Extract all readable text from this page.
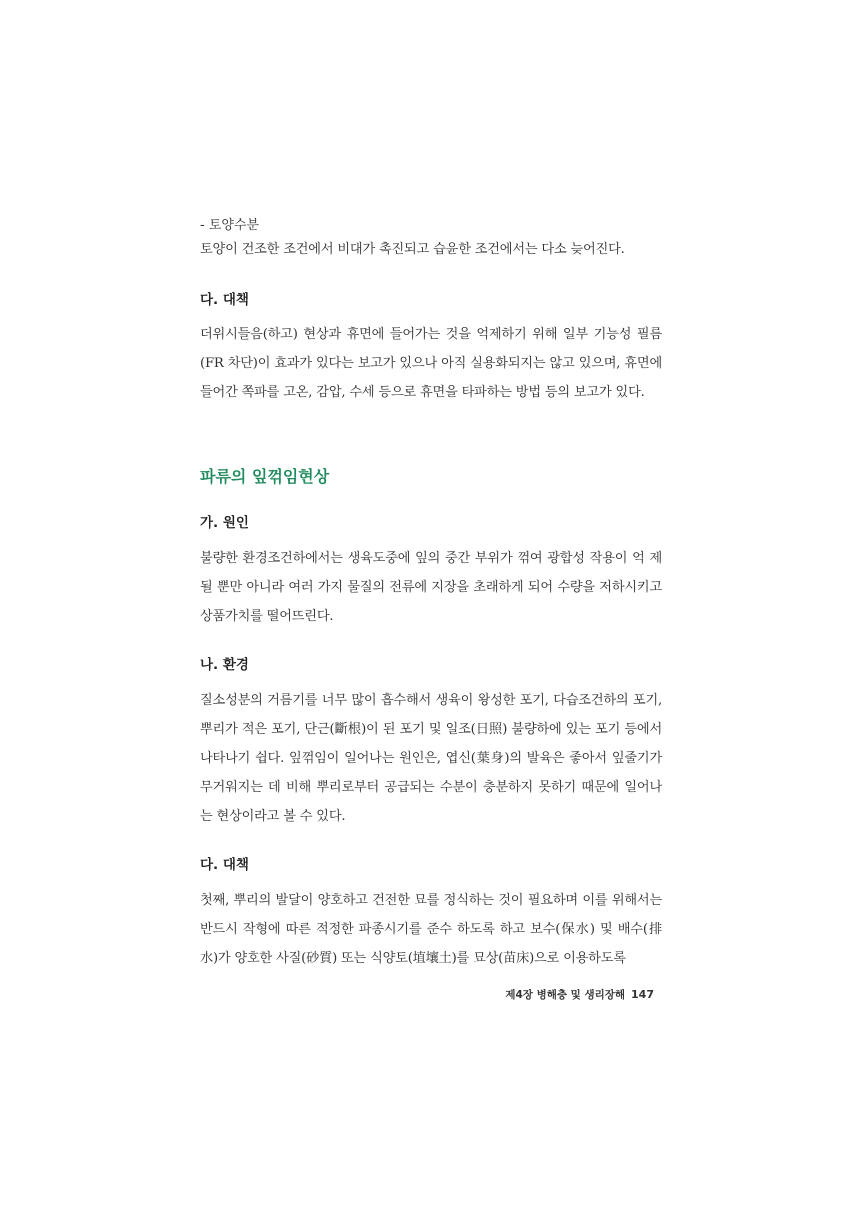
- 토양수분

토양이 건조한 조건에서 비대가 촉진되고 습윤한 조건에서는 다소 늦어진다.

다. 대책

더위시들음(하고) 현상과 휴면에 들어가는 것을 억제하기 위해 일부 기능성 필름(FR 차단)이 효과가 있다는 보고가 있으나 아직 실용화되지는 않고 있으며, 휴면에 들어간 쪽파를 고온, 감압, 수세 등으로 휴면을 타파하는 방법 등의 보고가 있다.

파류의 잎꺾임현상
가. 원인

불량한 환경조건하에서는 생육도중에 잎의 중간 부위가 꺾여 광합성 작용이 억 제될 뿐만 아니라 여러 가지 물질의 전류에 지장을 초래하게 되어 수량을 저하시키고 상품가치를 떨어뜨린다.

나. 환경

질소성분의 거름기를 너무 많이 흡수해서 생육이 왕성한 포기, 다습조건하의 포기, 뿌리가 적은 포기, 단근(斷根)이 된 포기 및 일조(日照) 불량하에 있는 포기 등에서 나타나기 쉽다. 잎꺾임이 일어나는 원인은, 엽신(葉身)의 발육은 좋아서 잎줄기가 무거워지는 데 비해 뿌리로부터 공급되는 수분이 충분하지 못하기 때문에 일어나는 현상이라고 볼 수 있다.

다. 대책

첫째, 뿌리의 발달이 양호하고 건전한 묘를 정식하는 것이 필요하며 이를 위해서는 반드시 작형에 따른 적정한 파종시기를 준수 하도록 하고 보수(保水) 및 배수(排水)가 양호한 사질(砂質) 또는 식양토(埴壤土)를 묘상(苗床)으로 이용하도록

제4장 병해충 및 생리장해 147
